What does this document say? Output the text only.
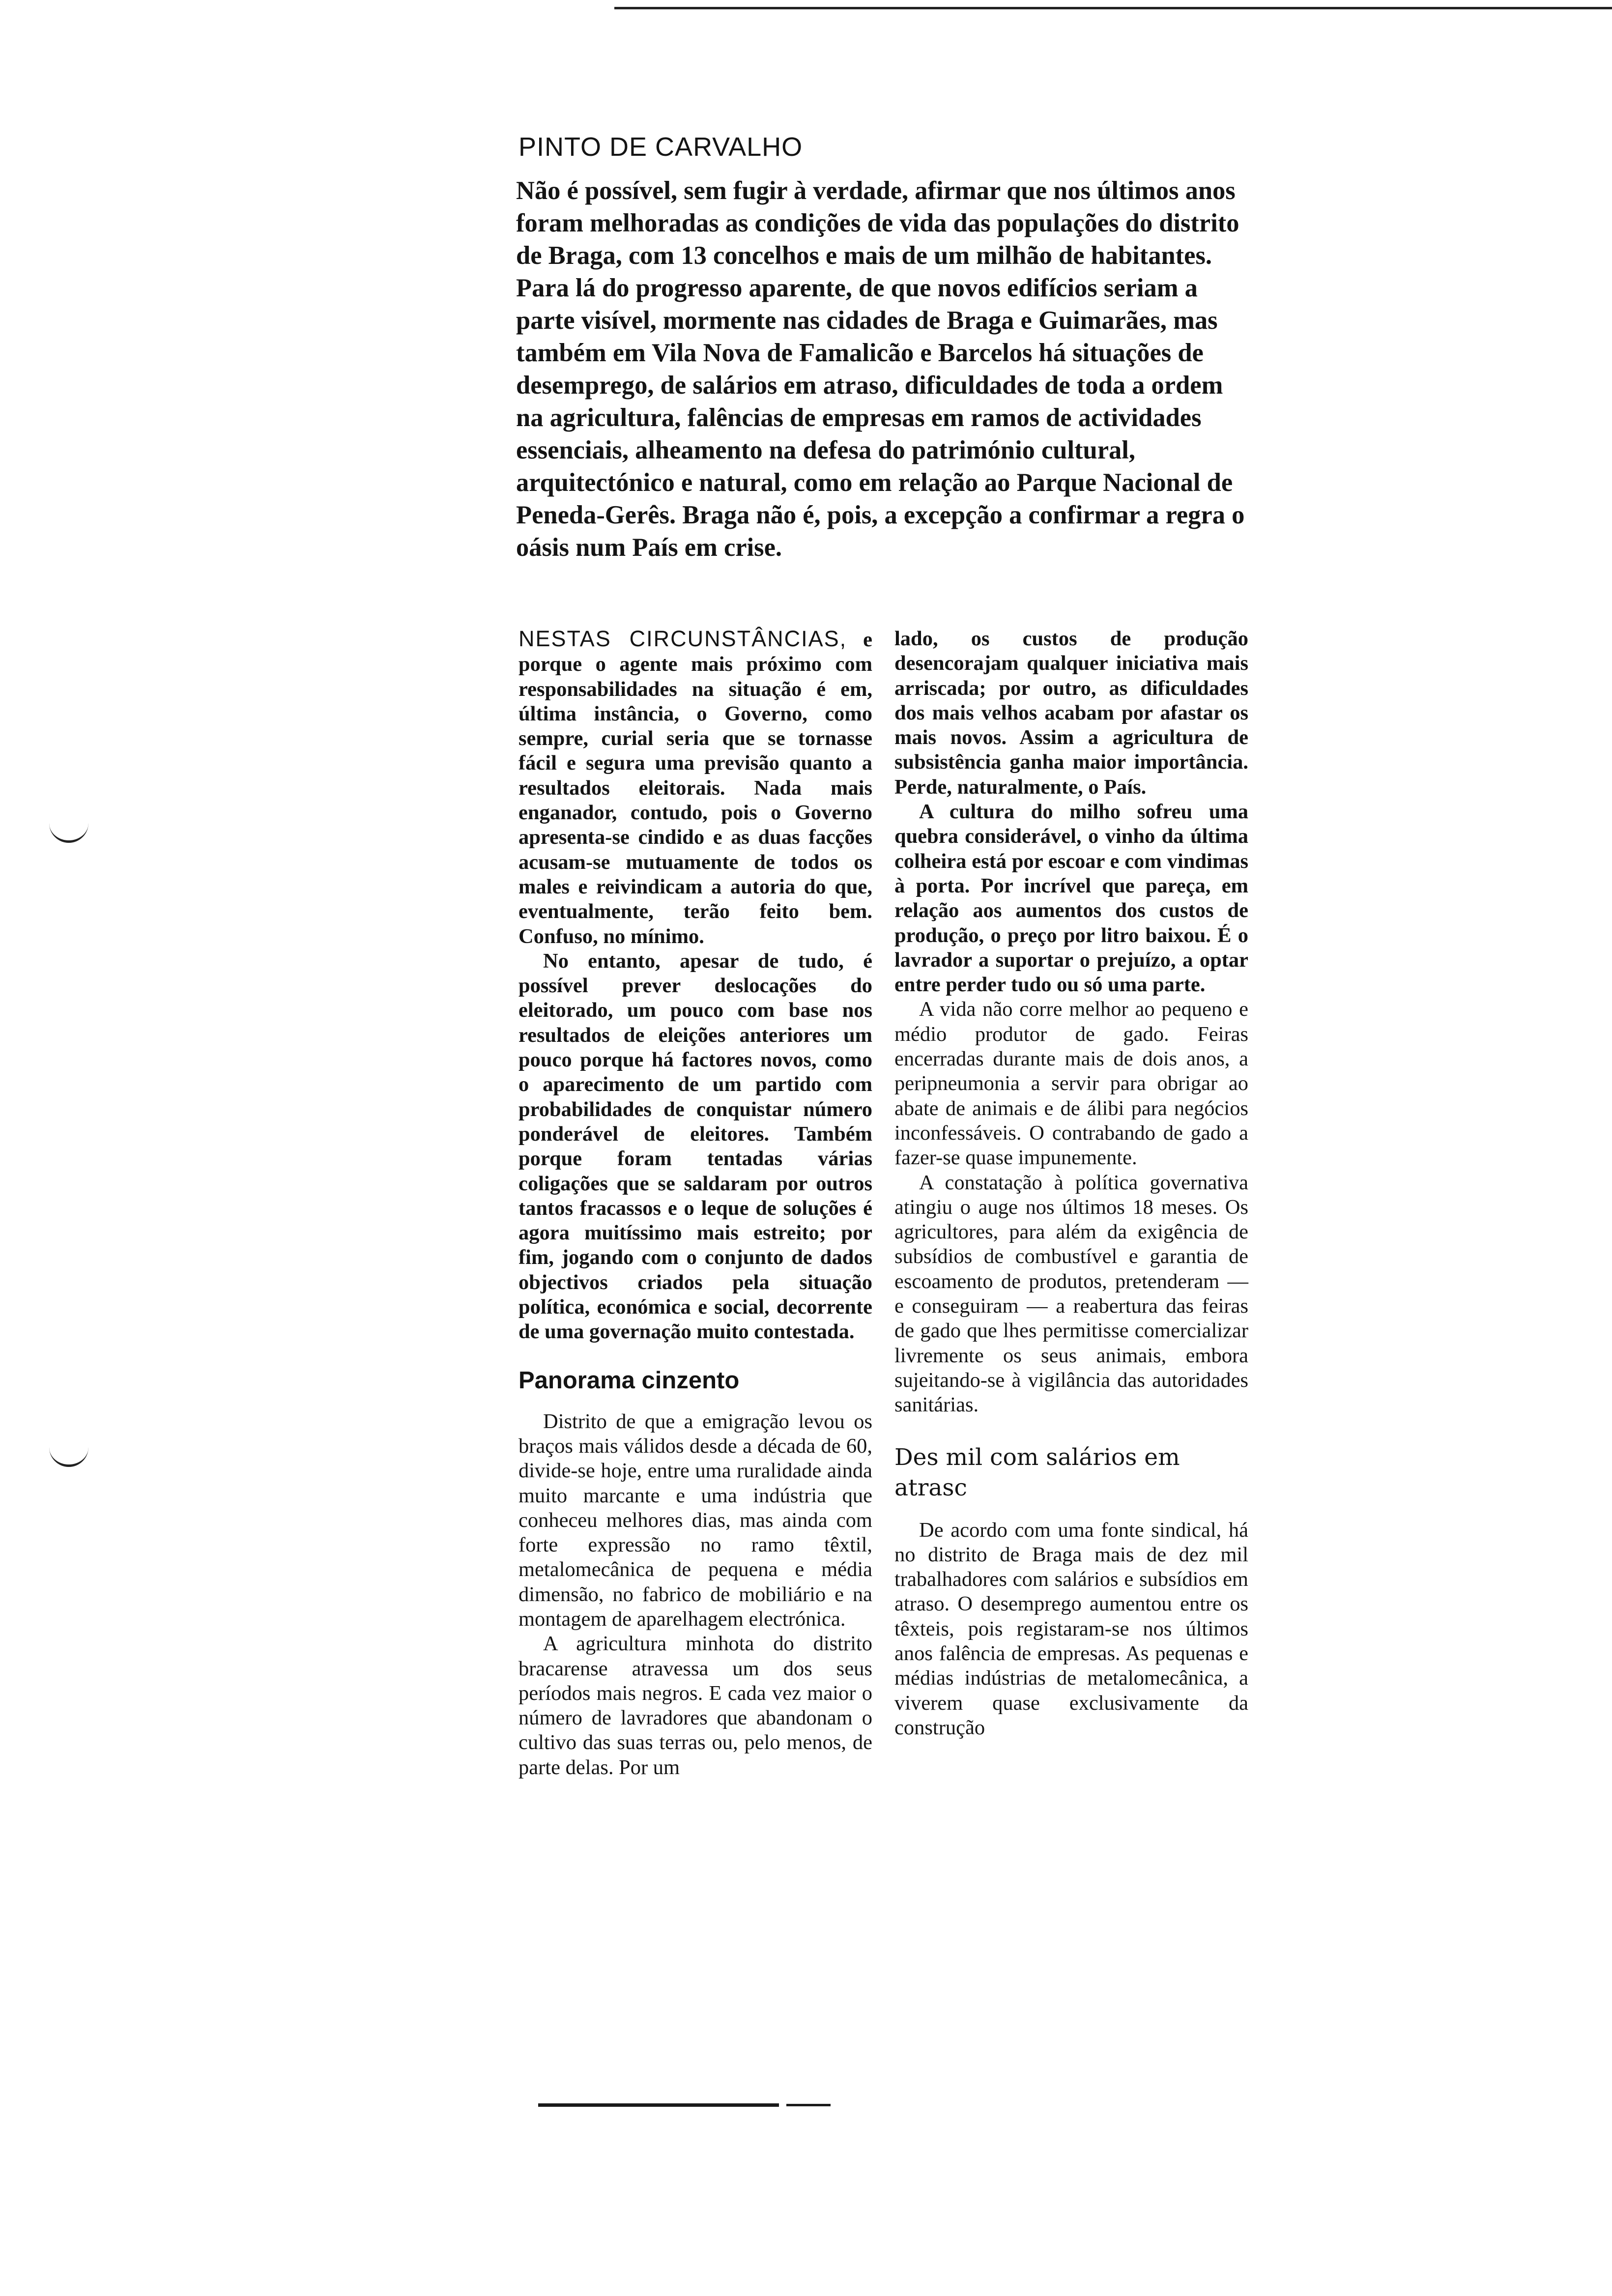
PINTO DE CARVALHO

Não é possível, sem fugir à verdade, afirmar que nos últimos anos foram melhoradas as condições de vida das populações do distrito de Braga, com 13 concelhos e mais de um milhão de habitantes. Para lá do progresso aparente, de que novos edifícios seriam a parte visível, mormente nas cidades de Braga e Guimarães, mas também em Vila Nova de Famalicão e Barcelos há situações de desemprego, de salários em atraso, dificuldades de toda a ordem na agricultura, falências de empresas em ramos de actividades essenciais, alheamento na defesa do património cultural, arquitectónico e natural, como em relação ao Parque Nacional de Peneda-Gerês. Braga não é, pois, a excepção a confirmar a regra o oásis num País em crise.

NESTAS CIRCUNSTÂNCIAS, e porque o agente mais próximo com responsabilidades na situação é em, última instância, o Governo, como sempre, curial seria que se tornasse fácil e segura uma previsão quanto a resultados eleitorais. Nada mais enganador, contudo, pois o Governo apresenta-se cindido e as duas facções acusam-se mutuamente de todos os males e reivindicam a autoria do que, eventualmente, terão feito bem. Confuso, no mínimo.

No entanto, apesar de tudo, é possível prever deslocações do eleitorado, um pouco com base nos resultados de eleições anteriores um pouco porque há factores novos, como o aparecimento de um partido com probabilidades de conquistar número ponderável de eleitores. Também porque foram tentadas várias coligações que se saldaram por outros tantos fracassos e o leque de soluções é agora muitíssimo mais estreito; por fim, jogando com o conjunto de dados objectivos criados pela situação política, económica e social, decorrente de uma governação muito contestada.

Panorama cinzento

Distrito de que a emigração levou os braços mais válidos desde a década de 60, divide-se hoje, entre uma ruralidade ainda muito marcante e uma indústria que conheceu melhores dias, mas ainda com forte expressão no ramo têxtil, metalomecânica de pequena e média dimensão, no fabrico de mobiliário e na montagem de aparelhagem electrónica.

A agricultura minhota do distrito bracarense atravessa um dos seus períodos mais negros. E cada vez maior o número de lavradores que abandonam o cultivo das suas terras ou, pelo menos, de parte delas. Por um

lado, os custos de produção desencorajam qualquer iniciativa mais arriscada; por outro, as dificuldades dos mais velhos acabam por afastar os mais novos. Assim a agricultura de subsistência ganha maior importância. Perde, naturalmente, o País.

A cultura do milho sofreu uma quebra considerável, o vinho da última colheira está por escoar e com vindimas à porta. Por incrível que pareça, em relação aos aumentos dos custos de produção, o preço por litro baixou. É o lavrador a suportar o prejuízo, a optar entre perder tudo ou só uma parte.

A vida não corre melhor ao pequeno e médio produtor de gado. Feiras encerradas durante mais de dois anos, a peripneumonia a servir para obrigar ao abate de animais e de álibi para negócios inconfessáveis. O contrabando de gado a fazer-se quase impunemente.

A constatação à política governativa atingiu o auge nos últimos 18 meses. Os agricultores, para além da exigência de subsídios de combustível e garantia de escoamento de produtos, pretenderam — e conseguiram — a reabertura das feiras de gado que lhes permitisse comercializar livremente os seus animais, embora sujeitando-se à vigilância das autoridades sanitárias.

Des mil com salários em atrasc

De acordo com uma fonte sindical, há no distrito de Braga mais de dez mil trabalhadores com salários e subsídios em atraso. O desemprego aumentou entre os têxteis, pois registaram-se nos últimos anos falência de empresas. As pequenas e médias indústrias de metalomecânica, a viverem quase exclusivamente da construção
